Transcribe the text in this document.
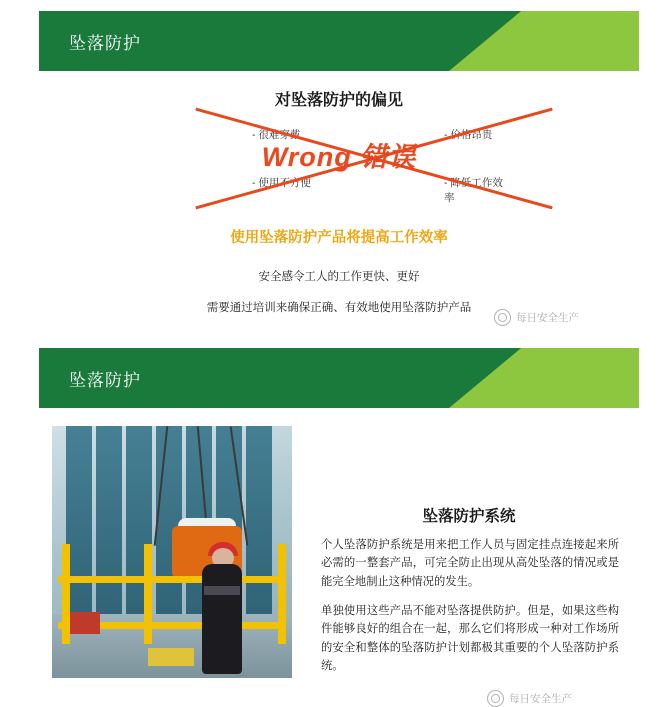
坠落防护
对坠落防护的偏见
- 很难穿戴	- 价格昂贵
- 使用不方便	- 降低工作效率
Wrong 错误
使用坠落防护产品将提高工作效率
安全感令工人的工作更快、更好
需要通过培训来确保正确、有效地使用坠落防护产品
每日安全生产
坠落防护
坠落防护系统
个人坠落防护系统是用来把工作人员与固定挂点连接起来所必需的一整套产品，可完全防止出现从高处坠落的情况或是能完全地制止这种情况的发生。
单独使用这些产品不能对坠落提供防护。但是，如果这些构件能够良好的组合在一起，那么它们将形成一种对工作场所的安全和整体的坠落防护计划都极其重要的个人坠落防护系统。
每日安全生产
